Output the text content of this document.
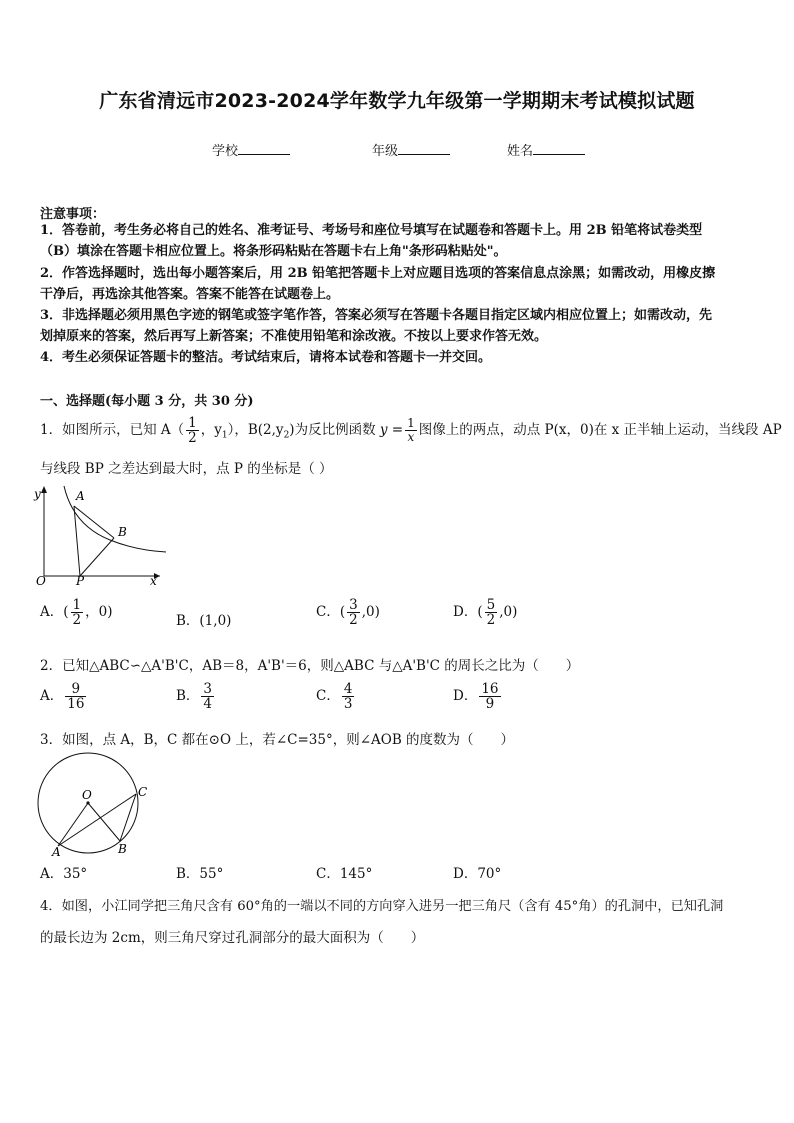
广东省清远市2023-2024学年数学九年级第一学期期末考试模拟试题
学校	年级	姓名
注意事项：
1．答卷前，考生务必将自己的姓名、准考证号、考场号和座位号填写在试题卷和答题卡上。用 2B 铅笔将试卷类型
（B）填涂在答题卡相应位置上。将条形码粘贴在答题卡右上角"条形码粘贴处"。
2．作答选择题时，选出每小题答案后，用 2B 铅笔把答题卡上对应题目选项的答案信息点涂黑；如需改动，用橡皮擦
干净后，再选涂其他答案。答案不能答在试题卷上。
3．非选择题必须用黑色字迹的钢笔或签字笔作答，答案必须写在答题卡各题目指定区域内相应位置上；如需改动，先
划掉原来的答案，然后再写上新答案；不准使用铅笔和涂改液。不按以上要求作答无效。
4．考生必须保证答题卡的整洁。考试结束后，请将本试卷和答题卡一并交回。
一、选择题(每小题 3 分，共 30 分)
1．如图所示，已知 $A( \frac{1}{2}$ ，$y_1$），$B(2,y_2)$为反比例函数 $y = \frac{1}{x}$ 图像上的两点，动点 P(x，0)在 x 正半轴上运动，当线段 AP
与线段 BP 之差达到最大时，点 P 的坐标是（ ）
y	A
B
O	P	x
A．( $\frac{1}{2}$ ，0)
B．(1,0)
C．( $\frac{3}{2} ,0$)	D．( $\frac{5}{2} ,0$)
2．已知△ABC∽△A'B'C，AB＝8，A'B'＝6，则△ABC 与△A'B'C 的周长之比为（　　）
A． $\frac{9}{16}$	B． $\frac{3}{4}$	C． $\frac{4}{3}$	D． $\frac{16}{9}$
3．如图，点 A，B，C 都在⊙O 上，若∠C=35°，则∠AOB 的度数为（　　）
O
A	B
C
A．35°	B．55°	C．145°	D．70°
4．如图，小江同学把三角尺含有 60°角的一端以不同的方向穿入进另一把三角尺（含有 45°角）的孔洞中，已知孔洞
的最长边为 2cm，则三角尺穿过孔洞部分的最大面积为（　　）
